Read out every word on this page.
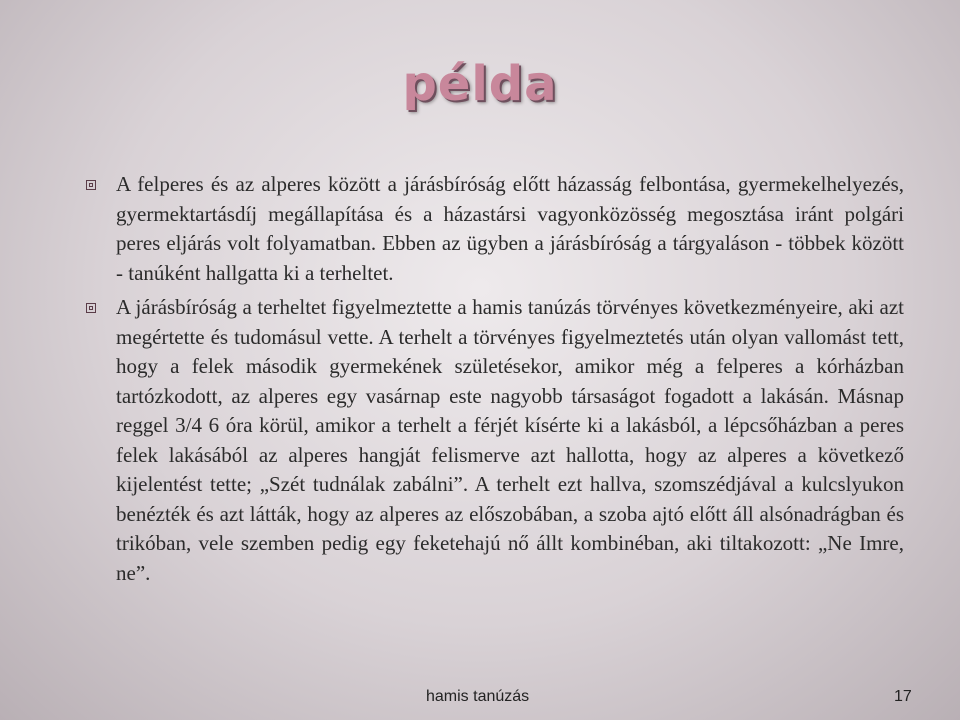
példa

A felperes és az alperes között a járásbíróság előtt házasság felbontása, gyermekelhelyezés, gyermektartásdíj megállapítása és a házastársi vagyonközösség megosztása iránt polgári peres eljárás volt folyamatban. Ebben az ügyben a járásbíróság a tárgyaláson - többek között - tanúként hallgatta ki a terheltet.

A járásbíróság a terheltet figyelmeztette a hamis tanúzás törvényes következményeire, aki azt megértette és tudomásul vette. A terhelt a törvényes figyelmeztetés után olyan vallomást tett, hogy a felek második gyermekének születésekor, amikor még a felperes a kórházban tartózkodott, az alperes egy vasárnap este nagyobb társaságot fogadott a lakásán. Másnap reggel 3/4 6 óra körül, amikor a terhelt a férjét kísérte ki a lakásból, a lépcsőházban a peres felek lakásából az alperes hangját felismerve azt hallotta, hogy az alperes a következő kijelentést tette; „Szét tudnálak zabálni”. A terhelt ezt hallva, szomszédjával a kulcslyukon benézték és azt látták, hogy az alperes az előszobában, a szoba ajtó előtt áll alsónadrágban és trikóban, vele szemben pedig egy feketehajú nő állt kombinéban, aki tiltakozott: „Ne Imre, ne”.

hamis tanúzás	17
